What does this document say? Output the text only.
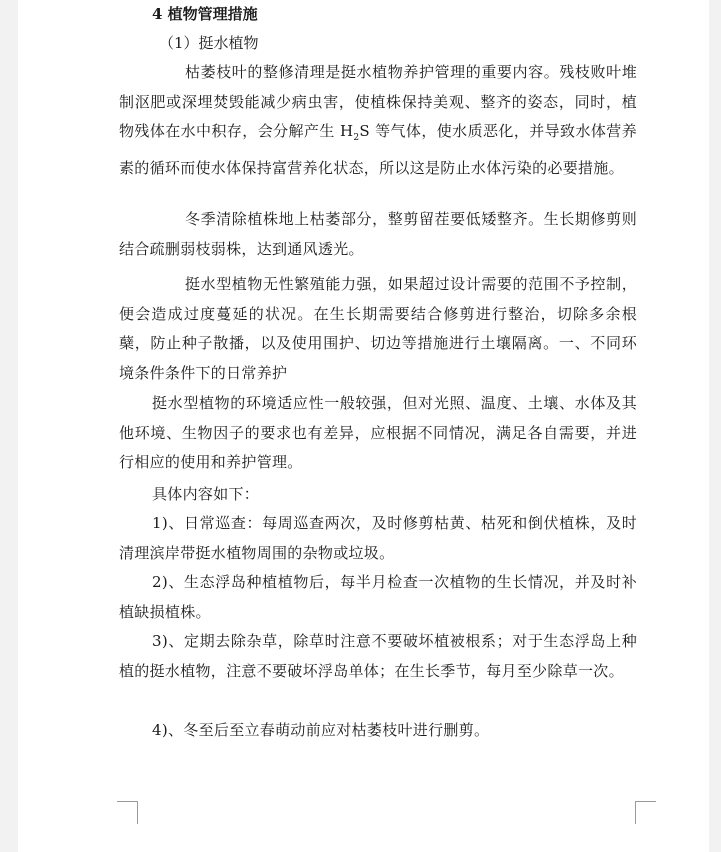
4 植物管理措施
（1）挺水植物

枯萎枝叶的整修清理是挺水植物养护管理的重要内容。残枝败叶堆制沤肥或深埋焚毁能减少病虫害，使植株保持美观、整齐的姿态，同时，植物残体在水中积存，会分解产生 $H_2S$ 等气体，使水质恶化，并导致水体营养素的循环而使水体保持富营养化状态，所以这是防止水体污染的必要措施。

冬季清除植株地上枯萎部分，整剪留茬要低矮整齐。生长期修剪则结合疏删弱枝弱株，达到通风透光。

挺水型植物无性繁殖能力强，如果超过设计需要的范围不予控制，便会造成过度蔓延的状况。在生长期需要结合修剪进行整治，切除多余根蘖，防止种子散播，以及使用围护、切边等措施进行土壤隔离。一、不同环境条件条件下的日常养护

挺水型植物的环境适应性一般较强，但对光照、温度、土壤、水体及其他环境、生物因子的要求也有差异，应根据不同情况，满足各自需要，并进行相应的使用和养护管理。

具体内容如下：

1)、日常巡查：每周巡查两次，及时修剪枯黄、枯死和倒伏植株，及时清理滨岸带挺水植物周围的杂物或垃圾。

2)、生态浮岛种植植物后，每半月检查一次植物的生长情况，并及时补植缺损植株。

3)、定期去除杂草，除草时注意不要破坏植被根系；对于生态浮岛上种植的挺水植物，注意不要破坏浮岛单体；在生长季节，每月至少除草一次。

4)、冬至后至立春萌动前应对枯萎枝叶进行删剪。
